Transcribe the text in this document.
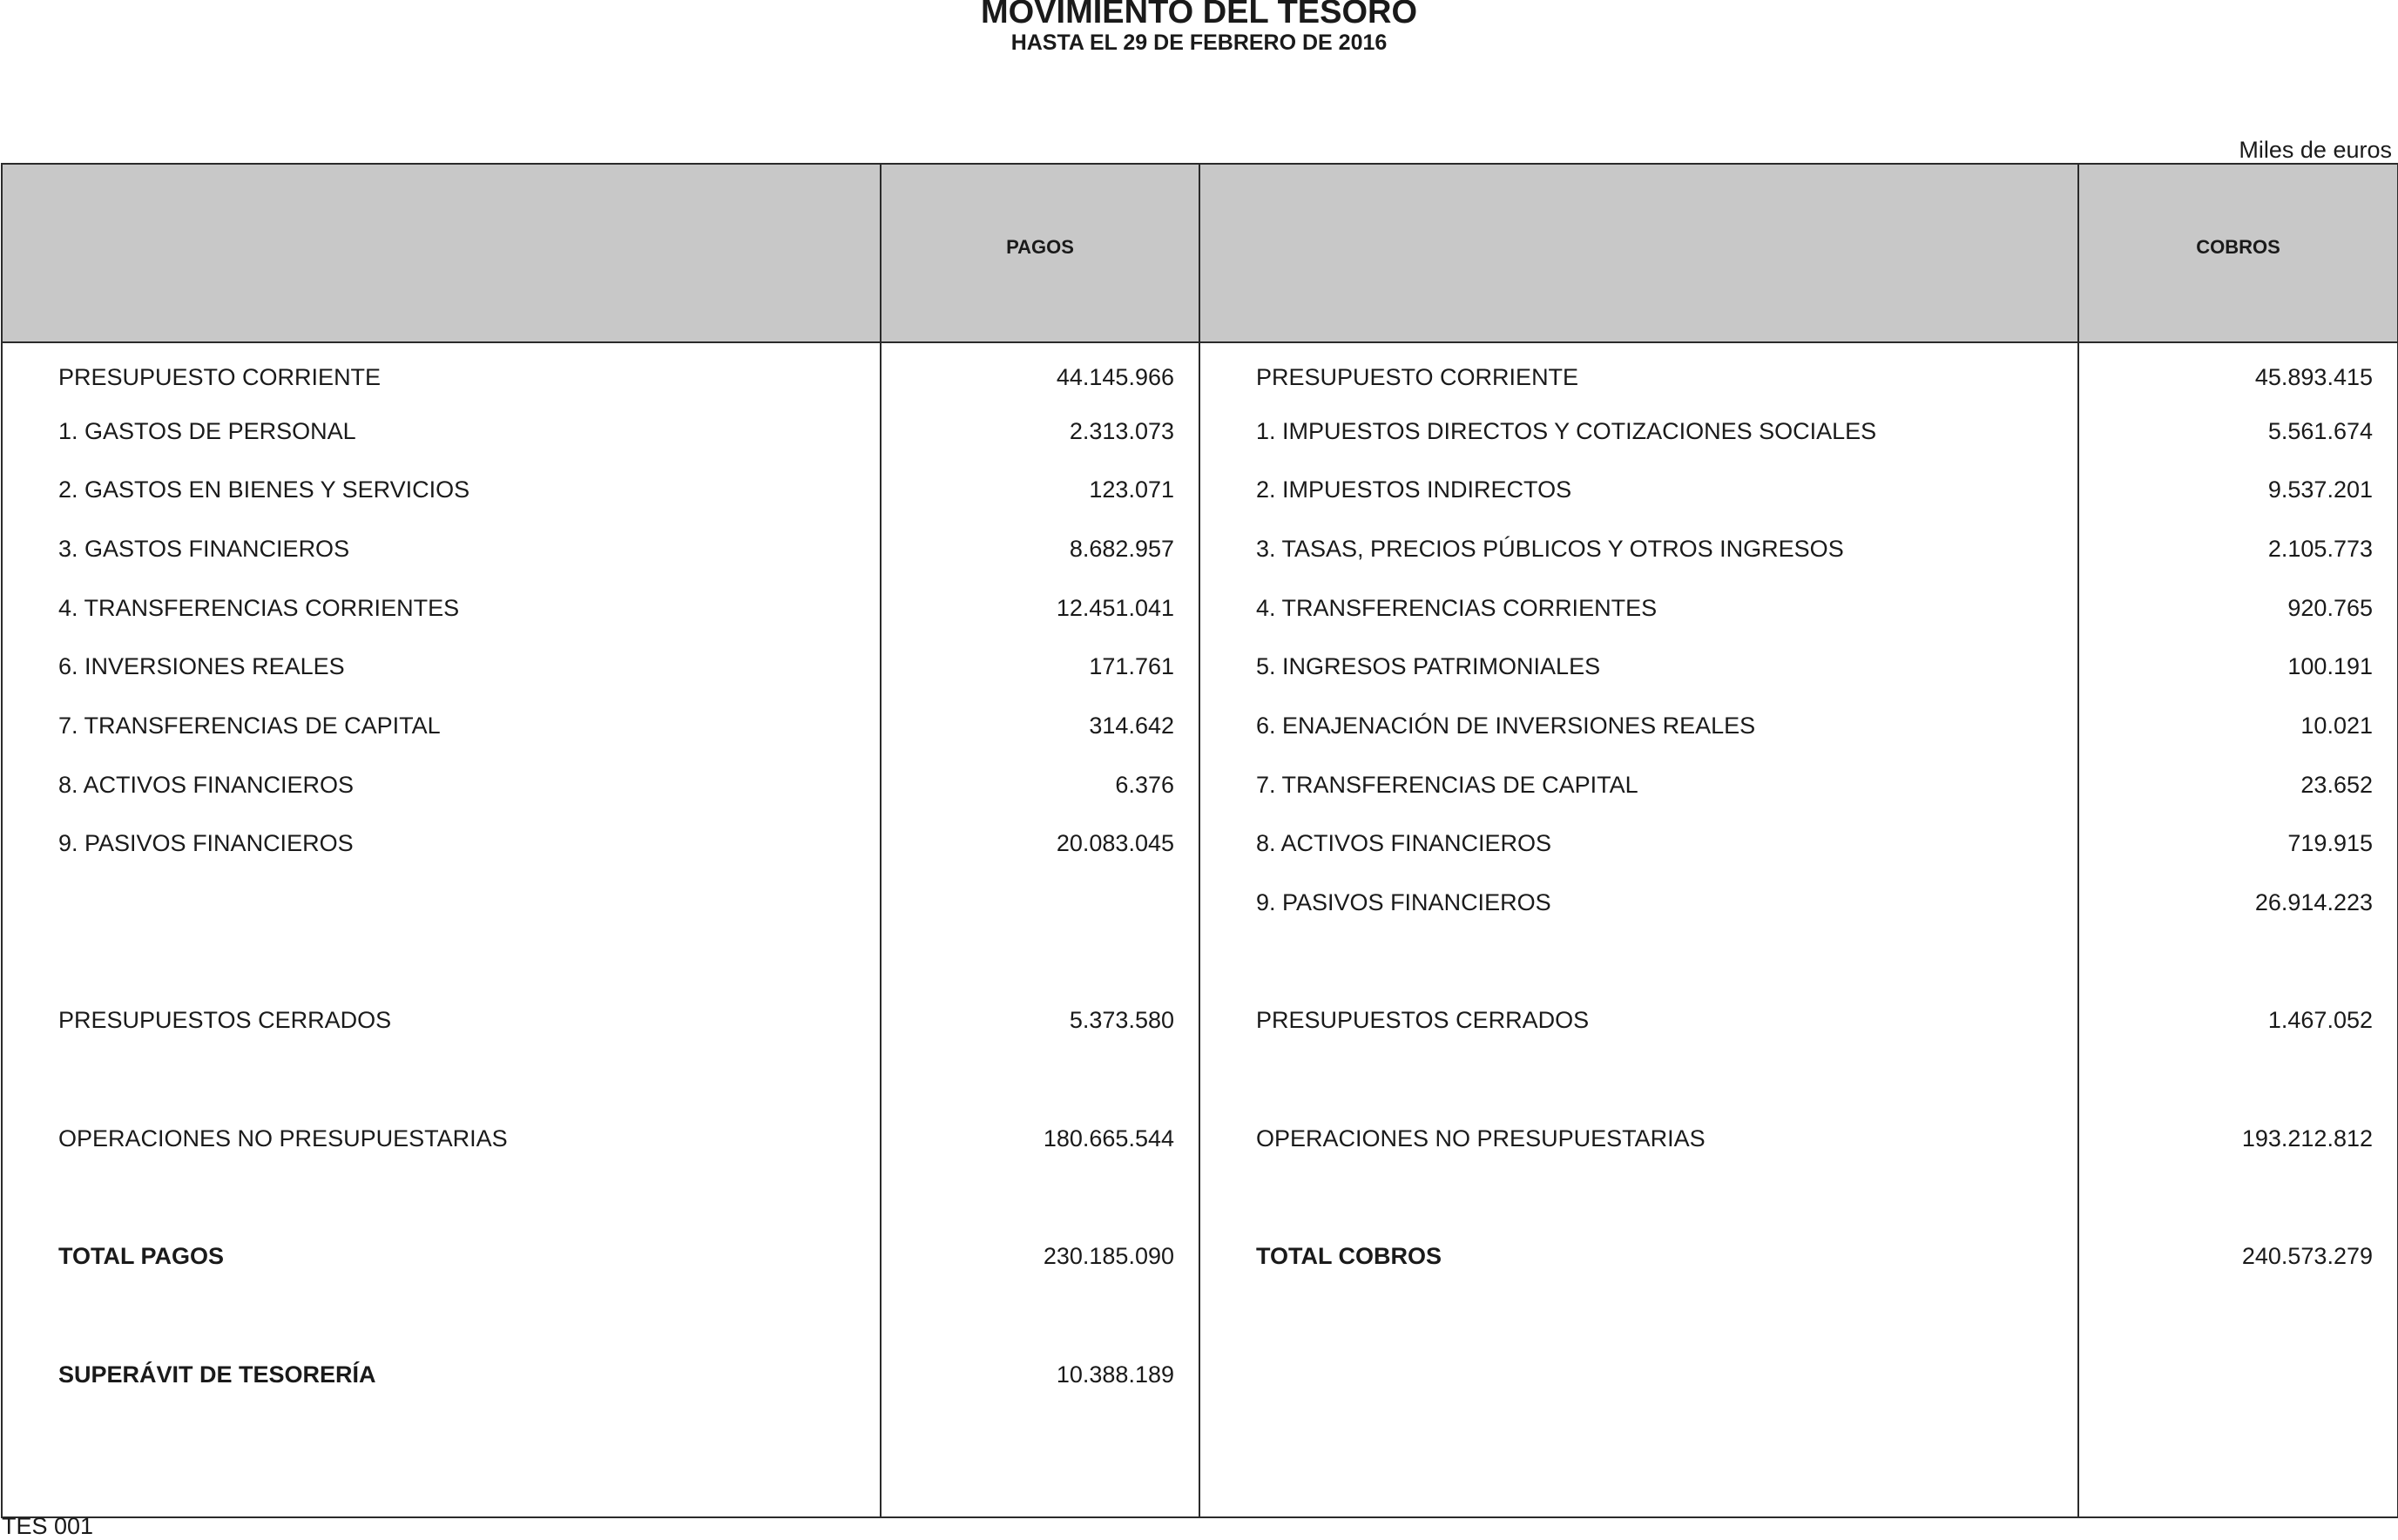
MOVIMIENTO DEL TESORO
HASTA EL 29 DE FEBRERO DE 2016
Miles de euros
	PAGOS		COBROS
PRESUPUESTO CORRIENTE	44.145.966	PRESUPUESTO CORRIENTE	45.893.415
1. GASTOS DE PERSONAL	2.313.073	1. IMPUESTOS DIRECTOS Y COTIZACIONES SOCIALES	5.561.674
2. GASTOS EN BIENES Y SERVICIOS	123.071	2. IMPUESTOS INDIRECTOS	9.537.201
3. GASTOS FINANCIEROS	8.682.957	3. TASAS, PRECIOS PÚBLICOS Y OTROS INGRESOS	2.105.773
4. TRANSFERENCIAS CORRIENTES	12.451.041	4. TRANSFERENCIAS CORRIENTES	920.765
6. INVERSIONES REALES	171.761	5. INGRESOS PATRIMONIALES	100.191
7. TRANSFERENCIAS DE CAPITAL	314.642	6. ENAJENACIÓN DE INVERSIONES REALES	10.021
8. ACTIVOS FINANCIEROS	6.376	7. TRANSFERENCIAS DE CAPITAL	23.652
9. PASIVOS FINANCIEROS	20.083.045	8. ACTIVOS FINANCIEROS	719.915
		9. PASIVOS FINANCIEROS	26.914.223

PRESUPUESTOS CERRADOS	5.373.580	PRESUPUESTOS CERRADOS	1.467.052

OPERACIONES NO PRESUPUESTARIAS	180.665.544	OPERACIONES NO PRESUPUESTARIAS	193.212.812

TOTAL PAGOS	230.185.090	TOTAL COBROS	240.573.279

SUPERÁVIT DE TESORERÍA	10.388.189		

TES 001
